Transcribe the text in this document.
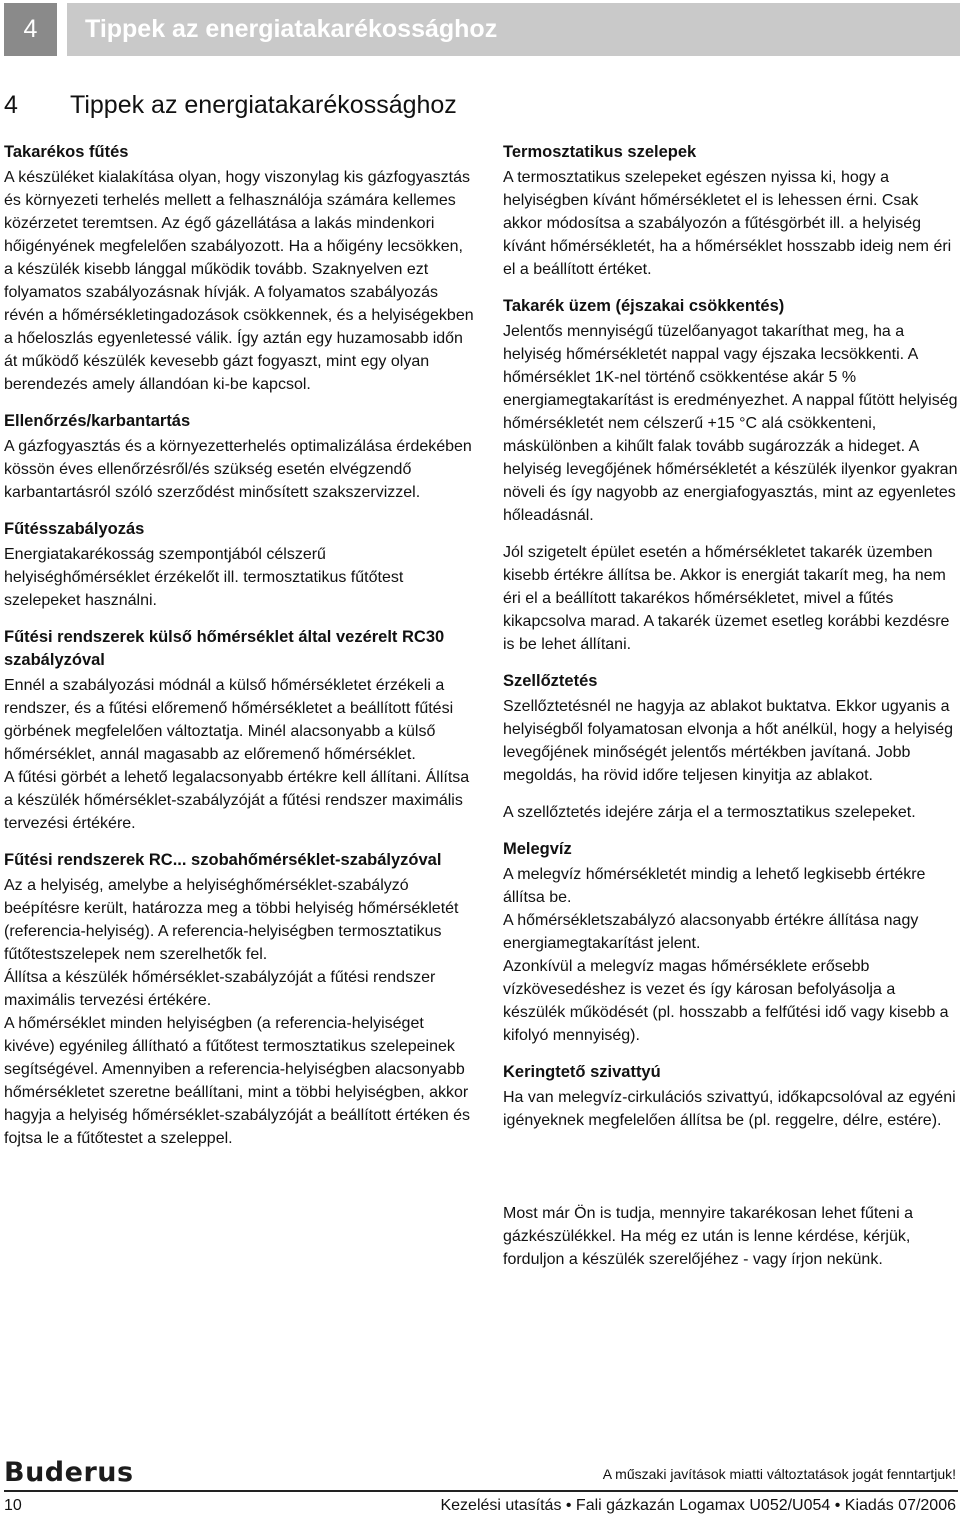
4	Tippek az energiatakarékossághoz
4 Tippek az energiatakarékossághoz
Takarékos fűtés

A készüléket kialakítása olyan, hogy viszonylag kis gázfogyasztás és környezeti terhelés mellett a felhasználója számára kellemes közérzetet teremtsen. Az égő gázellátása a lakás mindenkori hőigényének megfelelően szabályozott. Ha a hőigény lecsökken, a készülék kisebb lánggal működik tovább. Szaknyelven ezt folyamatos szabályozásnak hívják. A folyamatos szabályozás révén a hőmérsékletingadozások csökkennek, és a helyiségekben a hőeloszlás egyenletessé válik. Így aztán egy huzamosabb időn át működő készülék kevesebb gázt fogyaszt, mint egy olyan berendezés amely állandóan ki-be kapcsol.

Ellenőrzés/karbantartás

A gázfogyasztás és a környezetterhelés optimalizálása érdekében kössön éves ellenőrzésről/és szükség esetén elvégzendő karbantartásról szóló szerződést minősített szakszervizzel.

Fűtésszabályozás

Energiatakarékosság szempontjából célszerű helyiséghőmérséklet érzékelőt ill. termosztatikus fűtőtest szelepeket használni.

Fűtési rendszerek külső hőmérséklet által vezérelt RC30 szabályzóval

Ennél a szabályozási módnál a külső hőmérsékletet érzékeli a rendszer, és a fűtési előremenő hőmérsékletet a beállított fűtési görbének megfelelően változtatja. Minél alacsonyabb a külső hőmérséklet, annál magasabb az előremenő hőmérséklet.

A fűtési görbét a lehető legalacsonyabb értékre kell állítani. Állítsa a készülék hőmérséklet-szabályzóját a fűtési rendszer maximális tervezési értékére.

Fűtési rendszerek RC... szobahőmérséklet-szabályzóval

Az a helyiség, amelybe a helyiséghőmérséklet-szabályzó beépítésre került, határozza meg a többi helyiség hőmérsékletét (referencia-helyiség). A referencia-helyiségben termosztatikus fűtőtestszelepek nem szerelhetők fel.

Állítsa a készülék hőmérséklet-szabályzóját a fűtési rendszer maximális tervezési értékére.

A hőmérséklet minden helyiségben (a referencia-helyiséget kivéve) egyénileg állítható a fűtőtest termosztatikus szelepeinek segítségével. Amennyiben a referencia-helyiségben alacsonyabb hőmérsékletet szeretne beállítani, mint a többi helyiségben, akkor hagyja a helyiség hőmérséklet-szabályzóját a beállított értéken és fojtsa le a fűtőtestet a szeleppel.

Termosztatikus szelepek

A termosztatikus szelepeket egészen nyissa ki, hogy a helyiségben kívánt hőmérsékletet el is lehessen érni. Csak akkor módosítsa a szabályozón a fűtésgörbét ill. a helyiség kívánt hőmérsékletét, ha a hőmérséklet hosszabb ideig nem éri el a beállított értéket.

Takarék üzem (éjszakai csökkentés)

Jelentős mennyiségű tüzelőanyagot takaríthat meg, ha a helyiség hőmérsékletét nappal vagy éjszaka lecsökkenti. A hőmérséklet 1K-nel történő csökkentése akár 5 % energiamegtakarítást is eredményezhet. A nappal fűtött helyiség hőmérsékletét nem célszerű +15 °C alá csökkenteni, máskülönben a kihűlt falak tovább sugározzák a hideget. A helyiség levegőjének hőmérsékletét a készülék ilyenkor gyakran növeli és így nagyobb az energiafogyasztás, mint az egyenletes hőleadásnál.

Jól szigetelt épület esetén a hőmérsékletet takarék üzemben kisebb értékre állítsa be. Akkor is energiát takarít meg, ha nem éri el a beállított takarékos hőmérsékletet, mivel a fűtés kikapcsolva marad. A takarék üzemet esetleg korábbi kezdésre is be lehet állítani.

Szellőztetés

Szellőztetésnél ne hagyja az ablakot buktatva. Ekkor ugyanis a helyiségből folyamatosan elvonja a hőt anélkül, hogy a helyiség levegőjének minőségét jelentős mértékben javítaná. Jobb megoldás, ha rövid időre teljesen kinyitja az ablakot.

A szellőztetés idejére zárja el a termosztatikus szelepeket.

Melegvíz

A melegvíz hőmérsékletét mindig a lehető legkisebb értékre állítsa be.

A hőmérsékletszabályzó alacsonyabb értékre állítása nagy energiamegtakarítást jelent.

Azonkívül a melegvíz magas hőmérséklete erősebb vízkövesedéshez is vezet és így károsan befolyásolja a készülék működését (pl. hosszabb a felfűtési idő vagy kisebb a kifolyó mennyiség).

Keringtető szivattyú

Ha van melegvíz-cirkulációs szivattyú, időkapcsolóval az egyéni igényeknek megfelelően állítsa be (pl. reggelre, délre, estére).

Most már Ön is tudja, mennyire takarékosan lehet fűteni a gázkészülékkel. Ha még ez után is lenne kérdése, kérjük, forduljon a készülék szerelőjéhez - vagy írjon nekünk.

Buderus	A műszaki javítások miatti változtatások jogát fenntartjuk!
10	Kezelési utasítás • Fali gázkazán Logamax U052/U054 • Kiadás 07/2006
